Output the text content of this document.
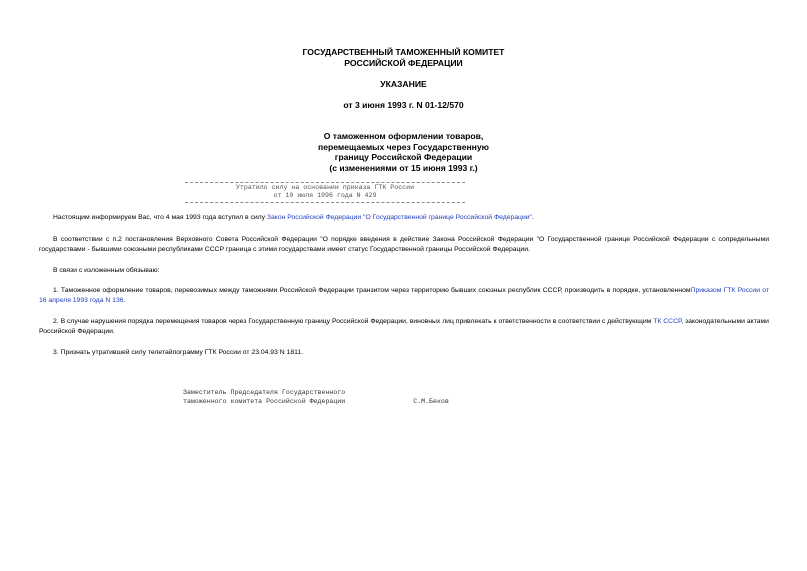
ГОСУДАРСТВЕННЫЙ ТАМОЖЕННЫЙ КОМИТЕТ
РОССИЙСКОЙ ФЕДЕРАЦИИ
УКАЗАНИЕ
от 3 июня 1993 г. N 01-12/570
О таможенном оформлении товаров,
перемещаемых через Государственную
границу Российской Федерации
(с изменениями от 15 июня 1993 г.)
Утратило силу на основании приказа ГТК России
от 10 июля 1996 года N 429
Настоящим информируем Вас, что 4 мая 1993 года вступил в силу Закон Российской Федерации "О Государственной границе Российской Федерации".
В соответствии с п.2 постановления Верховного Совета Российской Федерации "О порядке введения в действие Закона Российской Федерации "О Государственной границе Российской Федерации с сопредельными государствами - бывшими союзными республиками СССР граница с этими государствами имеет статус Государственной границы Российской Федерации.
В связи с изложенным обязываю:
1. Таможенное оформление товаров, перевозимых между таможнями Российской Федерации транзитом через территорию бывших союзных республик СССР, производить в порядке, установленномПриказом ГТК России от 16 апреля 1993 года N 136.
2. В случае нарушения порядка перемещения товаров через Государственную границу Российской Федерации, виновных лиц привлекать к ответственности в соответствии с действующим ТК СССР, законодательными актами Российской Федерации.
3. Признать утратившей силу телетайпограмму ГТК России от 23.04.93 N 1811.
Заместитель Председателя Государственного
таможенного комитета Российской Федерации	С.М.Беков
